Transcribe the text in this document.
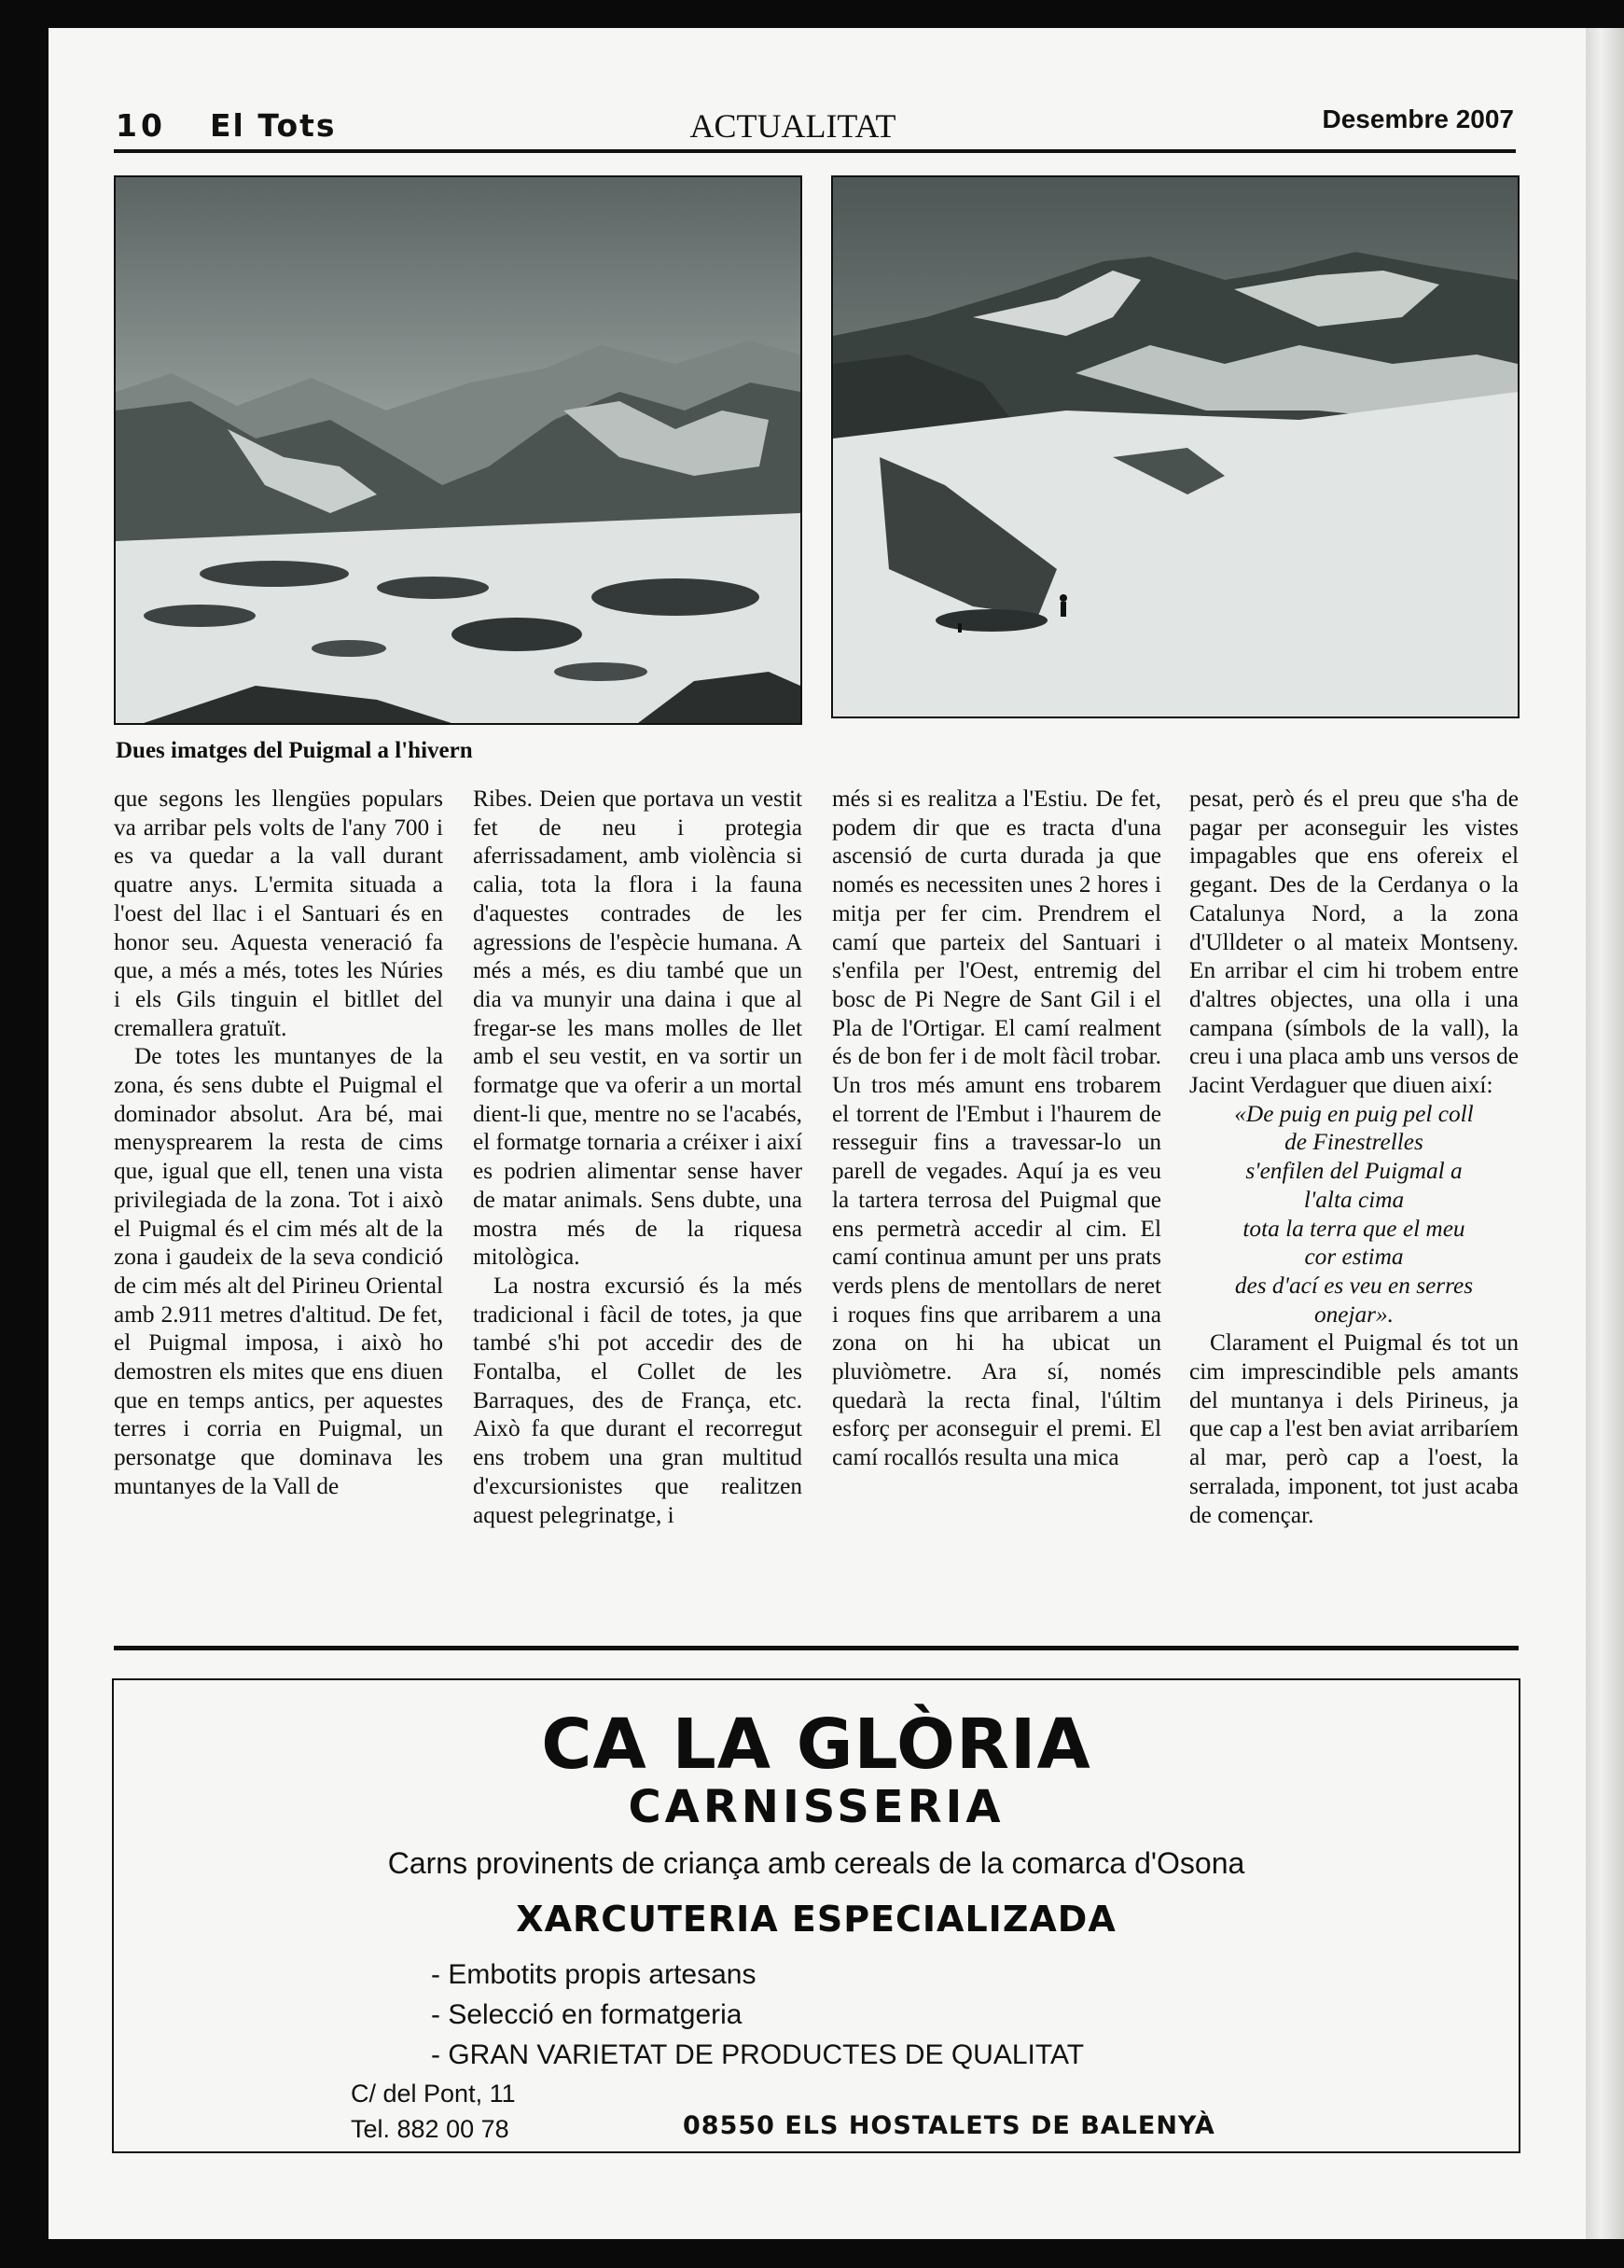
10 El Tots	ACTUALITAT	Desembre 2007
Dues imatges del Puigmal a l'hivern

que segons les llengües populars va arribar pels volts de l'any 700 i es va quedar a la vall durant quatre anys. L'ermita situada a l'oest del llac i el Santuari és en honor seu. Aquesta veneració fa que, a més a més, totes les Núries i els Gils tinguin el bitllet del cremallera gratuït.

De totes les muntanyes de la zona, és sens dubte el Puigmal el dominador absolut. Ara bé, mai menysprearem la resta de cims que, igual que ell, tenen una vista privilegiada de la zona. Tot i això el Puigmal és el cim més alt de la zona i gaudeix de la seva condició de cim més alt del Pirineu Oriental amb 2.911 metres d'altitud. De fet, el Puigmal imposa, i això ho demostren els mites que ens diuen que en temps antics, per aquestes terres i corria en Puigmal, un personatge que dominava les muntanyes de la Vall de

Ribes. Deien que portava un vestit fet de neu i protegia aferrissadament, amb violència si calia, tota la flora i la fauna d'aquestes contrades de les agressions de l'espècie humana. A més a més, es diu també que un dia va munyir una daina i que al fregar-se les mans molles de llet amb el seu vestit, en va sortir un formatge que va oferir a un mortal dient-li que, mentre no se l'acabés, el formatge tornaria a créixer i així es podrien alimentar sense haver de matar animals. Sens dubte, una mostra més de la riquesa mitològica.

La nostra excursió és la més tradicional i fàcil de totes, ja que també s'hi pot accedir des de Fontalba, el Collet de les Barraques, des de França, etc. Això fa que durant el recorregut ens trobem una gran multitud d'excursionistes que realitzen aquest pelegrinatge, i

més si es realitza a l'Estiu. De fet, podem dir que es tracta d'una ascensió de curta durada ja que només es necessiten unes 2 hores i mitja per fer cim. Prendrem el camí que parteix del Santuari i s'enfila per l'Oest, entremig del bosc de Pi Negre de Sant Gil i el Pla de l'Ortigar. El camí realment és de bon fer i de molt fàcil trobar. Un tros més amunt ens trobarem el torrent de l'Embut i l'haurem de resseguir fins a travessar-lo un parell de vegades. Aquí ja es veu la tartera terrosa del Puigmal que ens permetrà accedir al cim. El camí continua amunt per uns prats verds plens de mentollars de neret i roques fins que arribarem a una zona on hi ha ubicat un pluviòmetre. Ara sí, només quedarà la recta final, l'últim esforç per aconseguir el premi. El camí rocallós resulta una mica

pesat, però és el preu que s'ha de pagar per aconseguir les vistes impagables que ens ofereix el gegant. Des de la Cerdanya o la Catalunya Nord, a la zona d'Ulldeter o al mateix Montseny. En arribar el cim hi trobem entre d'altres objectes, una olla i una campana (símbols de la vall), la creu i una placa amb uns versos de Jacint Verdaguer que diuen així:

«De puig en puig pel coll
de Finestrelles
s'enfilen del Puigmal a
l'alta cima
tota la terra que el meu
cor estima
des d'ací es veu en serres
onejar».

Clarament el Puigmal és tot un cim imprescindible pels amants del muntanya i dels Pirineus, ja que cap a l'est ben aviat arribaríem al mar, però cap a l'oest, la serralada, imponent, tot just acaba de començar.

CA LA GLÒRIA
CARNISSERIA
Carns provinents de criança amb cereals de la comarca d'Osona
XARCUTERIA ESPECIALIZADA
- Embotits propis artesans
- Selecció en formatgeria
- GRAN VARIETAT DE PRODUCTES DE QUALITAT
C/ del Pont, 11
Tel. 882 00 78	08550 ELS HOSTALETS DE BALENYÀ
